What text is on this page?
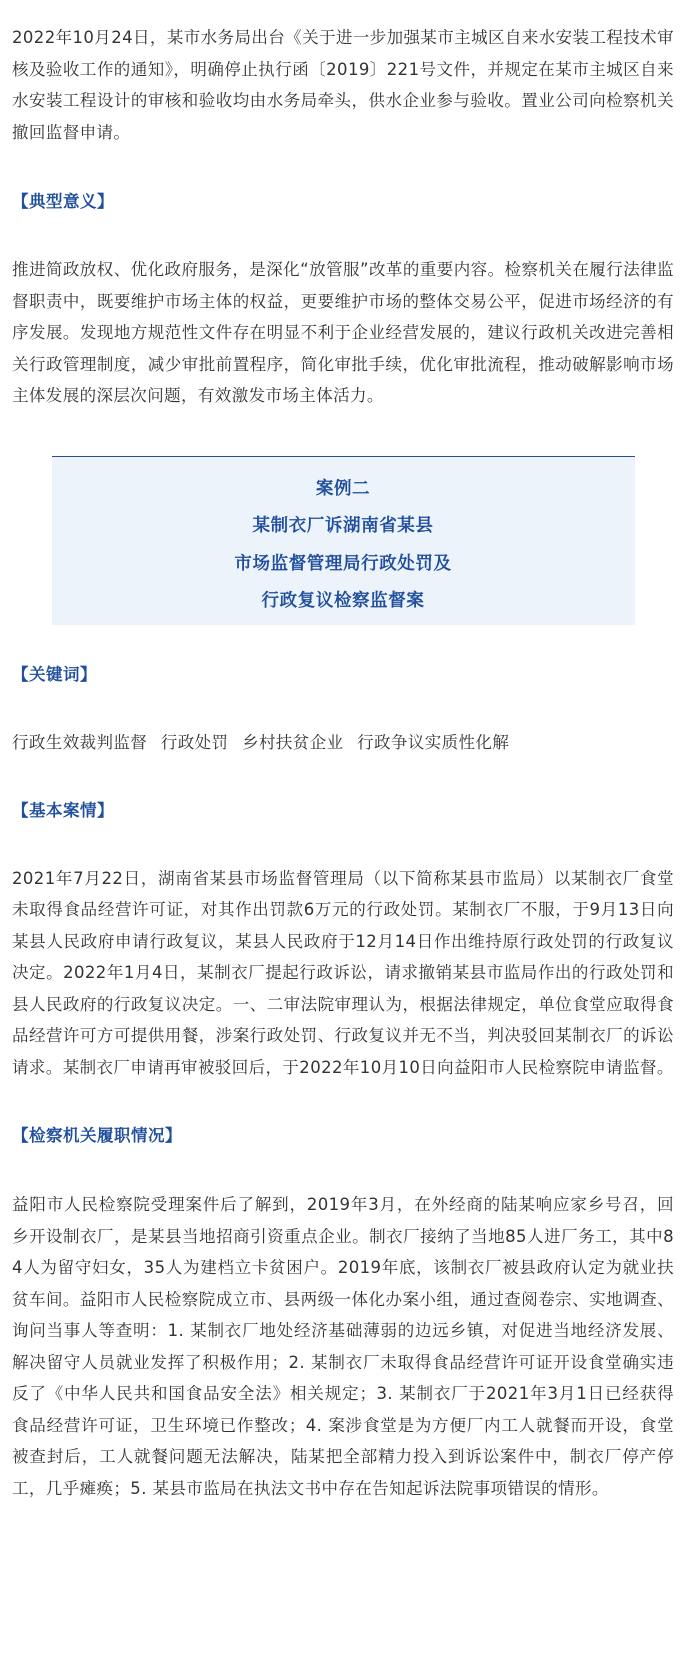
2022年10月24日，某市水务局出台《关于进一步加强某市主城区自来水安装工程技术审核及验收工作的通知》，明确停止执行函〔2019〕221号文件，并规定在某市主城区自来水安装工程设计的审核和验收均由水务局牵头，供水企业参与验收。置业公司向检察机关撤回监督申请。

【典型意义】

推进简政放权、优化政府服务，是深化“放管服”改革的重要内容。检察机关在履行法律监督职责中，既要维护市场主体的权益，更要维护市场的整体交易公平，促进市场经济的有序发展。发现地方规范性文件存在明显不利于企业经营发展的，建议行政机关改进完善相关行政管理制度，减少审批前置程序，简化审批手续，优化审批流程，推动破解影响市场主体发展的深层次问题，有效激发市场主体活力。

案例二
某制衣厂诉湖南省某县
市场监督管理局行政处罚及
行政复议检察监督案

【关键词】

行政生效裁判监督 行政处罚 乡村扶贫企业 行政争议实质性化解

【基本案情】

2021年7月22日，湖南省某县市场监督管理局（以下简称某县市监局）以某制衣厂食堂未取得食品经营许可证，对其作出罚款6万元的行政处罚。某制衣厂不服，于9月13日向某县人民政府申请行政复议，某县人民政府于12月14日作出维持原行政处罚的行政复议决定。2022年1月4日，某制衣厂提起行政诉讼，请求撤销某县市监局作出的行政处罚和县人民政府的行政复议决定。一、二审法院审理认为，根据法律规定，单位食堂应取得食品经营许可方可提供用餐，涉案行政处罚、行政复议并无不当，判决驳回某制衣厂的诉讼请求。某制衣厂申请再审被驳回后，于2022年10月10日向益阳市人民检察院申请监督。

【检察机关履职情况】

益阳市人民检察院受理案件后了解到，2019年3月，在外经商的陆某响应家乡号召，回乡开设制衣厂，是某县当地招商引资重点企业。制衣厂接纳了当地85人进厂务工，其中84人为留守妇女，35人为建档立卡贫困户。2019年底，该制衣厂被县政府认定为就业扶贫车间。益阳市人民检察院成立市、县两级一体化办案小组，通过查阅卷宗、实地调查、询问当事人等查明：1. 某制衣厂地处经济基础薄弱的边远乡镇，对促进当地经济发展、解决留守人员就业发挥了积极作用；2. 某制衣厂未取得食品经营许可证开设食堂确实违反了《中华人民共和国食品安全法》相关规定；3. 某制衣厂于2021年3月1日已经获得食品经营许可证，卫生环境已作整改；4. 案涉食堂是为方便厂内工人就餐而开设，食堂被查封后，工人就餐问题无法解决，陆某把全部精力投入到诉讼案件中，制衣厂停产停工，几乎瘫痪；5. 某县市监局在执法文书中存在告知起诉法院事项错误的情形。
